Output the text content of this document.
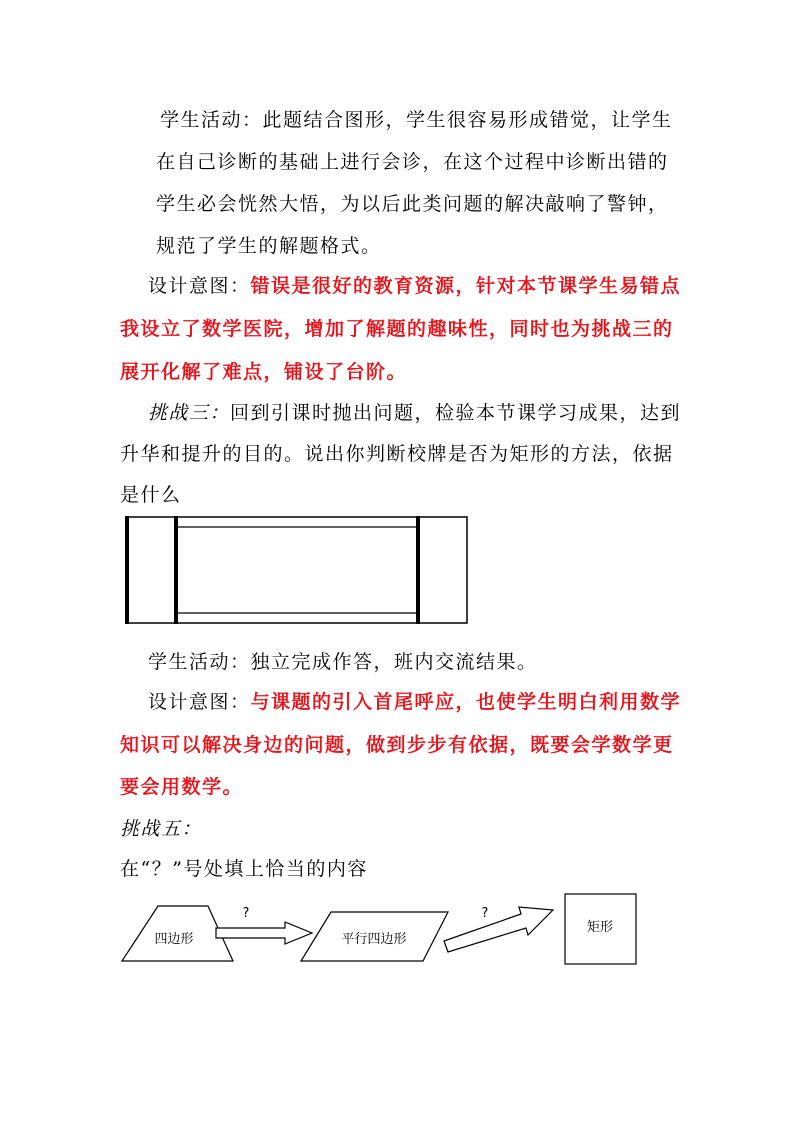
学生活动：此题结合图形，学生很容易形成错觉，让学生
在自己诊断的基础上进行会诊，在这个过程中诊断出错的
学生必会恍然大悟，为以后此类问题的解决敲响了警钟，
规范了学生的解题格式。
设计意图：错误是很好的教育资源，针对本节课学生易错点
我设立了数学医院，增加了解题的趣味性，同时也为挑战三的
展开化解了难点，铺设了台阶。
挑战三：回到引课时抛出问题，检验本节课学习成果，达到
升华和提升的目的。说出你判断校牌是否为矩形的方法，依据
是什么
学生活动：独立完成作答，班内交流结果。
设计意图：与课题的引入首尾呼应，也使学生明白利用数学
知识可以解决身边的问题，做到步步有依据，既要会学数学更
要会用数学。
挑战五：
在“？”号处填上恰当的内容
四边形
?
平行四边形
?
矩形
